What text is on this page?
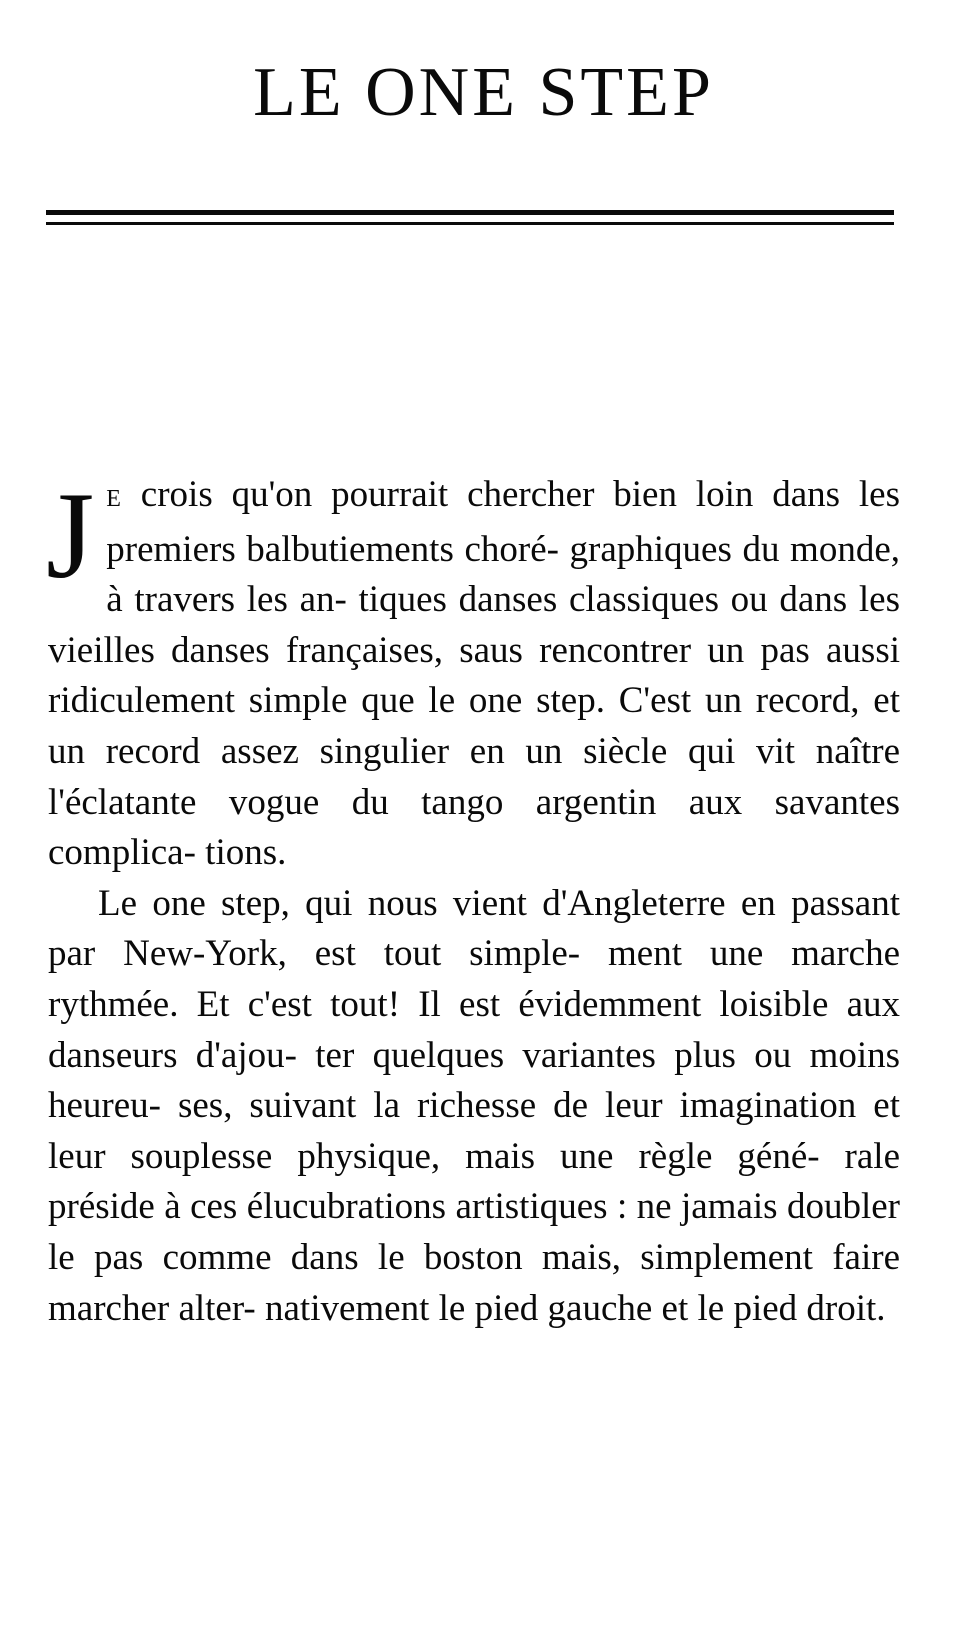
LE ONE STEP

J E crois qu'on pourrait chercher bien loin dans les premiers balbutiements choré- graphiques du monde, à travers les an- tiques danses classiques ou dans les vieilles danses françaises, saus rencontrer un pas aussi ridiculement simple que le one step. C'est un record, et un record assez singulier en un siècle qui vit naître l'éclatante vogue du tango argentin aux savantes complica- tions.

Le one step, qui nous vient d'Angleterre en passant par New-York, est tout simple- ment une marche rythmée. Et c'est tout! Il est évidemment loisible aux danseurs d'ajou- ter quelques variantes plus ou moins heureu- ses, suivant la richesse de leur imagination et leur souplesse physique, mais une règle géné- rale préside à ces élucubrations artistiques : ne jamais doubler le pas comme dans le boston mais, simplement faire marcher alter- nativement le pied gauche et le pied droit.
